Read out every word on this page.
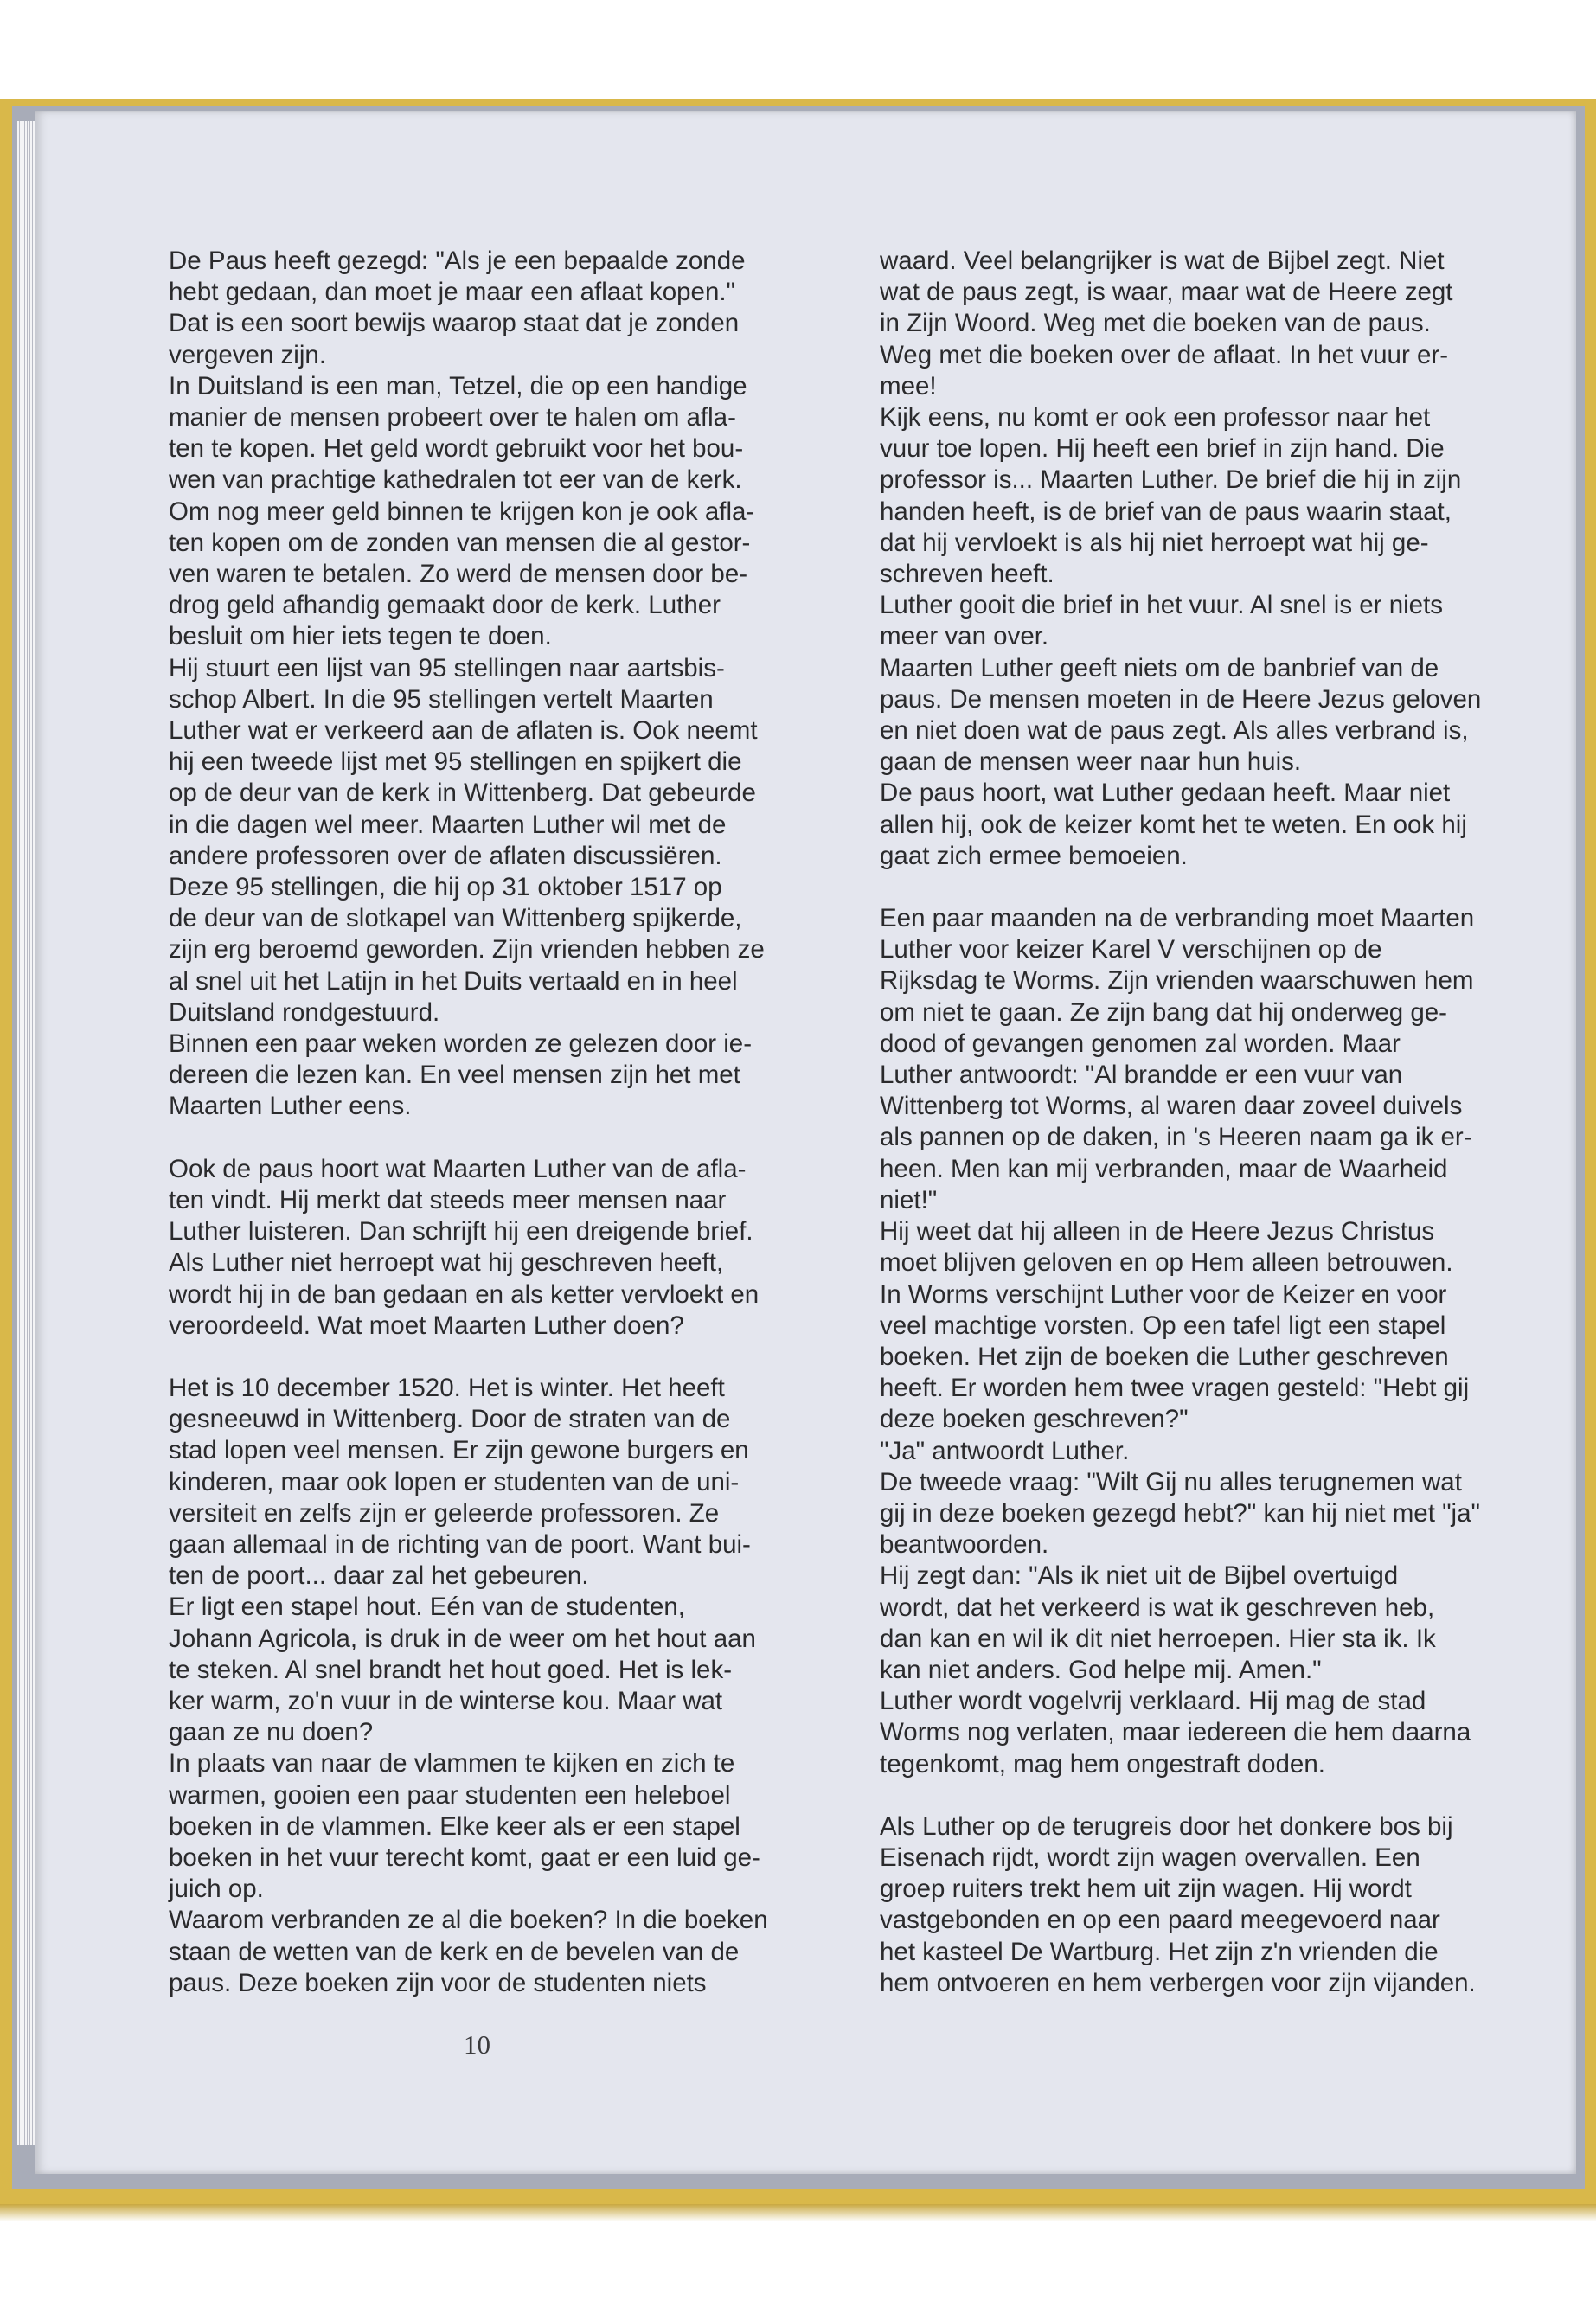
De Paus heeft gezegd: "Als je een bepaalde zonde

hebt gedaan, dan moet je maar een aflaat kopen."

Dat is een soort bewijs waarop staat dat je zonden

vergeven zijn.

In Duitsland is een man, Tetzel, die op een handige

manier de mensen probeert over te halen om afla-

ten te kopen. Het geld wordt gebruikt voor het bou-

wen van prachtige kathedralen tot eer van de kerk.

Om nog meer geld binnen te krijgen kon je ook afla-

ten kopen om de zonden van mensen die al gestor-

ven waren te betalen. Zo werd de mensen door be-

drog geld afhandig gemaakt door de kerk. Luther

besluit om hier iets tegen te doen.

Hij stuurt een lijst van 95 stellingen naar aartsbis-

schop Albert. In die 95 stellingen vertelt Maarten

Luther wat er verkeerd aan de aflaten is. Ook neemt

hij een tweede lijst met 95 stellingen en spijkert die

op de deur van de kerk in Wittenberg. Dat gebeurde

in die dagen wel meer. Maarten Luther wil met de

andere professoren over de aflaten discussiëren.

Deze 95 stellingen, die hij op 31 oktober 1517 op

de deur van de slotkapel van Wittenberg spijkerde,

zijn erg beroemd geworden. Zijn vrienden hebben ze

al snel uit het Latijn in het Duits vertaald en in heel

Duitsland rondgestuurd.

Binnen een paar weken worden ze gelezen door ie-

dereen die lezen kan. En veel mensen zijn het met

Maarten Luther eens.

Ook de paus hoort wat Maarten Luther van de afla-

ten vindt. Hij merkt dat steeds meer mensen naar

Luther luisteren. Dan schrijft hij een dreigende brief.

Als Luther niet herroept wat hij geschreven heeft,

wordt hij in de ban gedaan en als ketter vervloekt en

veroordeeld. Wat moet Maarten Luther doen?

Het is 10 december 1520. Het is winter. Het heeft

gesneeuwd in Wittenberg. Door de straten van de

stad lopen veel mensen. Er zijn gewone burgers en

kinderen, maar ook lopen er studenten van de uni-

versiteit en zelfs zijn er geleerde professoren. Ze

gaan allemaal in de richting van de poort. Want bui-

ten de poort... daar zal het gebeuren.

Er ligt een stapel hout. Eén van de studenten,

Johann Agricola, is druk in de weer om het hout aan

te steken. Al snel brandt het hout goed. Het is lek-

ker warm, zo'n vuur in de winterse kou. Maar wat

gaan ze nu doen?

In plaats van naar de vlammen te kijken en zich te

warmen, gooien een paar studenten een heleboel

boeken in de vlammen. Elke keer als er een stapel

boeken in het vuur terecht komt, gaat er een luid ge-

juich op.

Waarom verbranden ze al die boeken? In die boeken

staan de wetten van de kerk en de bevelen van de

paus. Deze boeken zijn voor de studenten niets

waard. Veel belangrijker is wat de Bijbel zegt. Niet

wat de paus zegt, is waar, maar wat de Heere zegt

in Zijn Woord. Weg met die boeken van de paus.

Weg met die boeken over de aflaat. In het vuur er-

mee!

Kijk eens, nu komt er ook een professor naar het

vuur toe lopen. Hij heeft een brief in zijn hand. Die

professor is... Maarten Luther. De brief die hij in zijn

handen heeft, is de brief van de paus waarin staat,

dat hij vervloekt is als hij niet herroept wat hij ge-

schreven heeft.

Luther gooit die brief in het vuur. Al snel is er niets

meer van over.

Maarten Luther geeft niets om de banbrief van de

paus. De mensen moeten in de Heere Jezus geloven

en niet doen wat de paus zegt. Als alles verbrand is,

gaan de mensen weer naar hun huis.

De paus hoort, wat Luther gedaan heeft. Maar niet

allen hij, ook de keizer komt het te weten. En ook hij

gaat zich ermee bemoeien.

Een paar maanden na de verbranding moet Maarten

Luther voor keizer Karel V verschijnen op de

Rijksdag te Worms. Zijn vrienden waarschuwen hem

om niet te gaan. Ze zijn bang dat hij onderweg ge-

dood of gevangen genomen zal worden. Maar

Luther antwoordt: "Al brandde er een vuur van

Wittenberg tot Worms, al waren daar zoveel duivels

als pannen op de daken, in 's Heeren naam ga ik er-

heen. Men kan mij verbranden, maar de Waarheid

niet!"

Hij weet dat hij alleen in de Heere Jezus Christus

moet blijven geloven en op Hem alleen betrouwen.

In Worms verschijnt Luther voor de Keizer en voor

veel machtige vorsten. Op een tafel ligt een stapel

boeken. Het zijn de boeken die Luther geschreven

heeft. Er worden hem twee vragen gesteld: "Hebt gij

deze boeken geschreven?"

"Ja" antwoordt Luther.

De tweede vraag: "Wilt Gij nu alles terugnemen wat

gij in deze boeken gezegd hebt?" kan hij niet met "ja"

beantwoorden.

Hij zegt dan: "Als ik niet uit de Bijbel overtuigd

wordt, dat het verkeerd is wat ik geschreven heb,

dan kan en wil ik dit niet herroepen. Hier sta ik. Ik

kan niet anders. God helpe mij. Amen."

Luther wordt vogelvrij verklaard. Hij mag de stad

Worms nog verlaten, maar iedereen die hem daarna

tegenkomt, mag hem ongestraft doden.

Als Luther op de terugreis door het donkere bos bij

Eisenach rijdt, wordt zijn wagen overvallen. Een

groep ruiters trekt hem uit zijn wagen. Hij wordt

vastgebonden en op een paard meegevoerd naar

het kasteel De Wartburg. Het zijn z'n vrienden die

hem ontvoeren en hem verbergen voor zijn vijanden.

10
